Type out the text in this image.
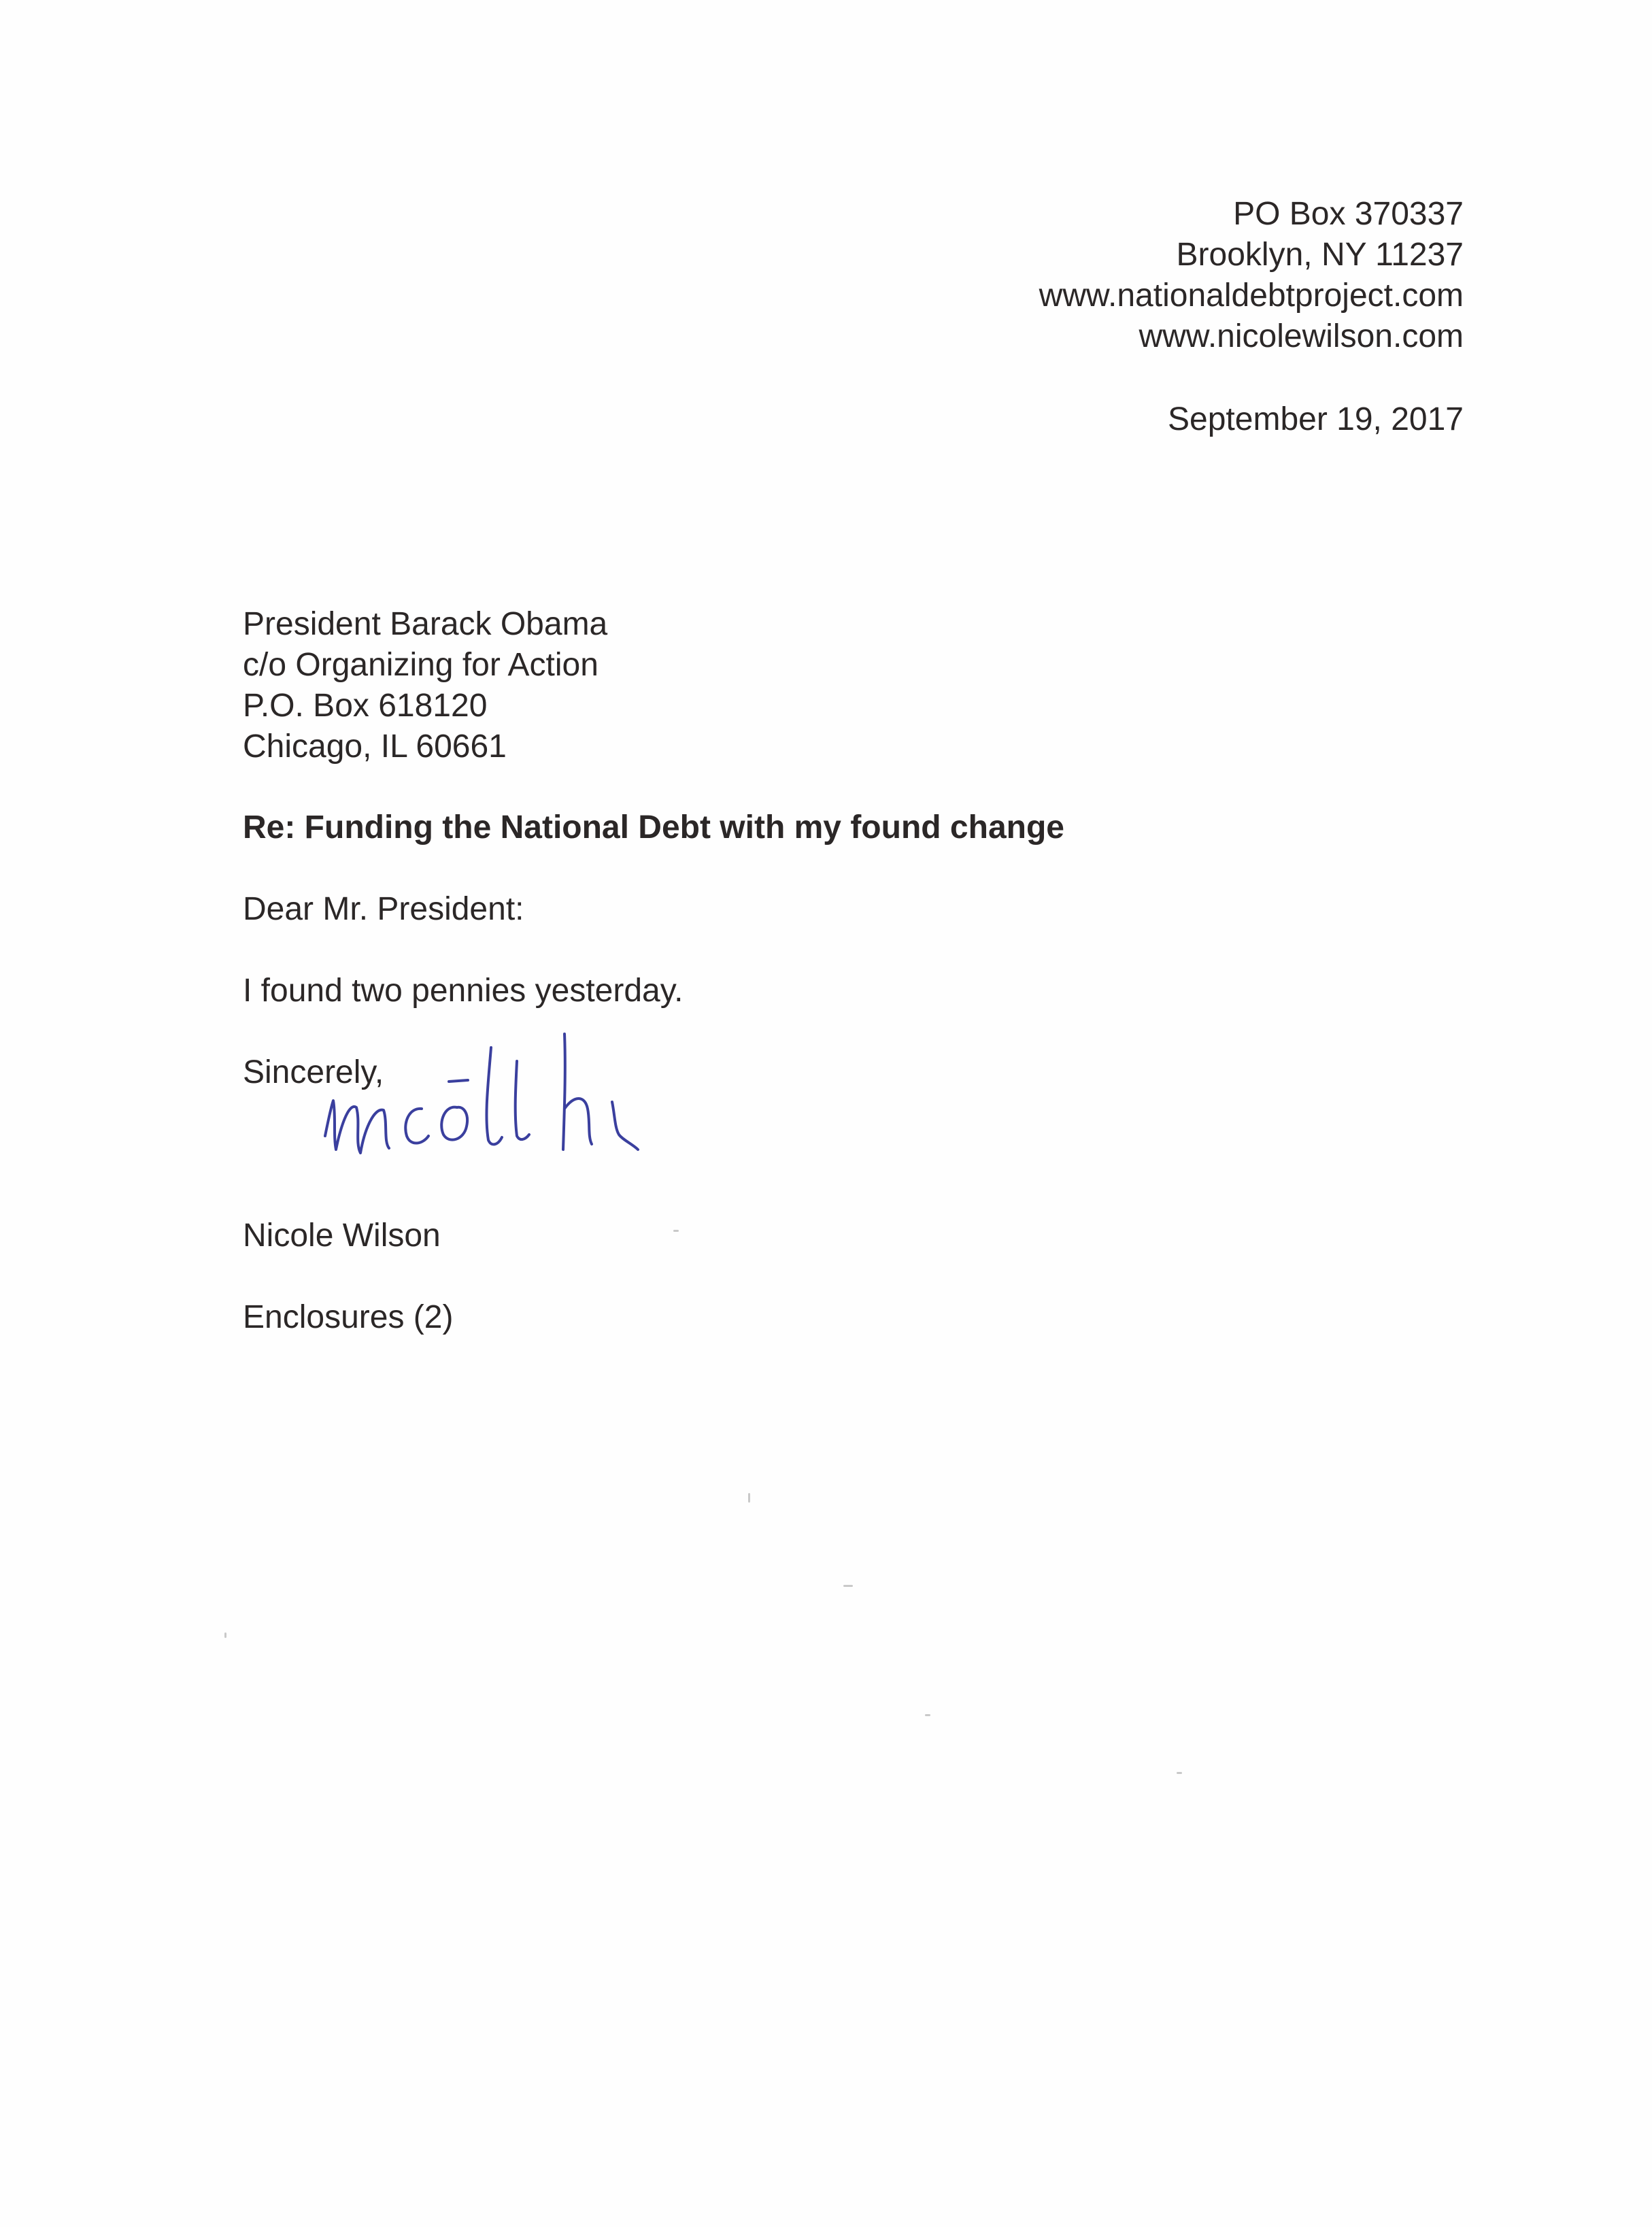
PO Box 370337
Brooklyn, NY 11237
www.nationaldebtproject.com
www.nicolewilson.com
September 19, 2017
President Barack Obama
c/o Organizing for Action
P.O. Box 618120
Chicago, IL 60661
Re: Funding the National Debt with my found change
Dear Mr. President:
I found two pennies yesterday.
Sincerely,
Nicole Wilson
Enclosures (2)
